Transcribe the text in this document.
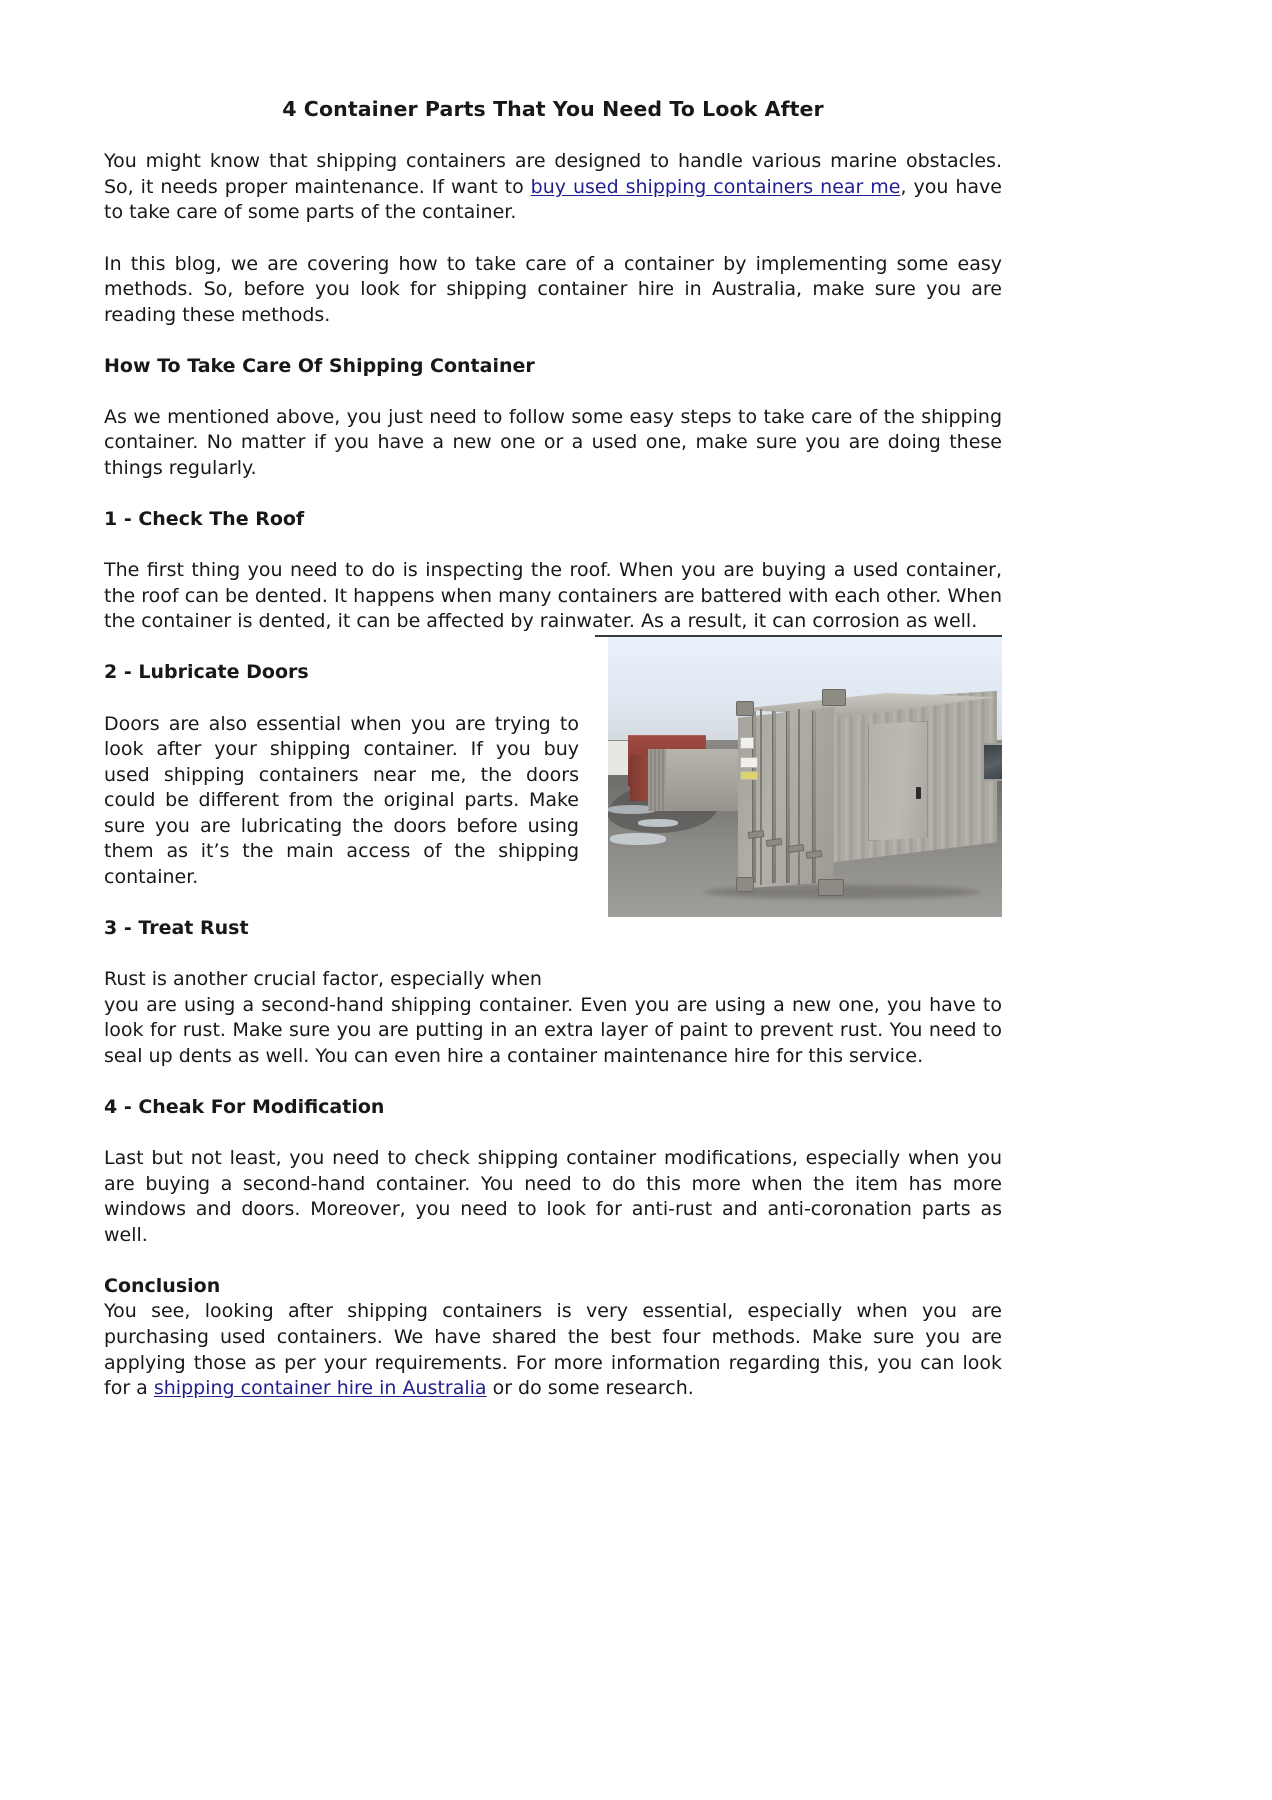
4 Container Parts That You Need To Look After

You might know that shipping containers are designed to handle various marine obstacles. So, it needs proper maintenance. If want to buy used shipping containers near me, you have to take care of some parts of the container.

In this blog, we are covering how to take care of a container by implementing some easy methods. So, before you look for shipping container hire in Australia, make sure you are reading these methods.

How To Take Care Of Shipping Container

As we mentioned above, you just need to follow some easy steps to take care of the shipping container. No matter if you have a new one or a used one, make sure you are doing these things regularly.

1 - Check The Roof

The first thing you need to do is inspecting the roof. When you are buying a used container, the roof can be dented. It happens when many containers are battered with each other. When the container is dented, it can be affected by rainwater. As a result, it can corrosion as well.

2 - Lubricate Doors

Doors are also essential when you are trying to look after your shipping container. If you buy used shipping containers near me, the doors could be different from the original parts. Make sure you are lubricating the doors before using them as it’s the main access of the shipping container.

3 - Treat Rust

Rust is another crucial factor, especially when

you are using a second-hand shipping container. Even you are using a new one, you have to look for rust. Make sure you are putting in an extra layer of paint to prevent rust. You need to seal up dents as well. You can even hire a container maintenance hire for this service.

4 - Cheak For Modification

Last but not least, you need to check shipping container modifications, especially when you are buying a second-hand container. You need to do this more when the item has more windows and doors. Moreover, you need to look for anti-rust and anti-coronation parts as well.

Conclusion

You see, looking after shipping containers is very essential, especially when you are purchasing used containers. We have shared the best four methods. Make sure you are applying those as per your requirements. For more information regarding this, you can look for a shipping container hire in Australia or do some research.
